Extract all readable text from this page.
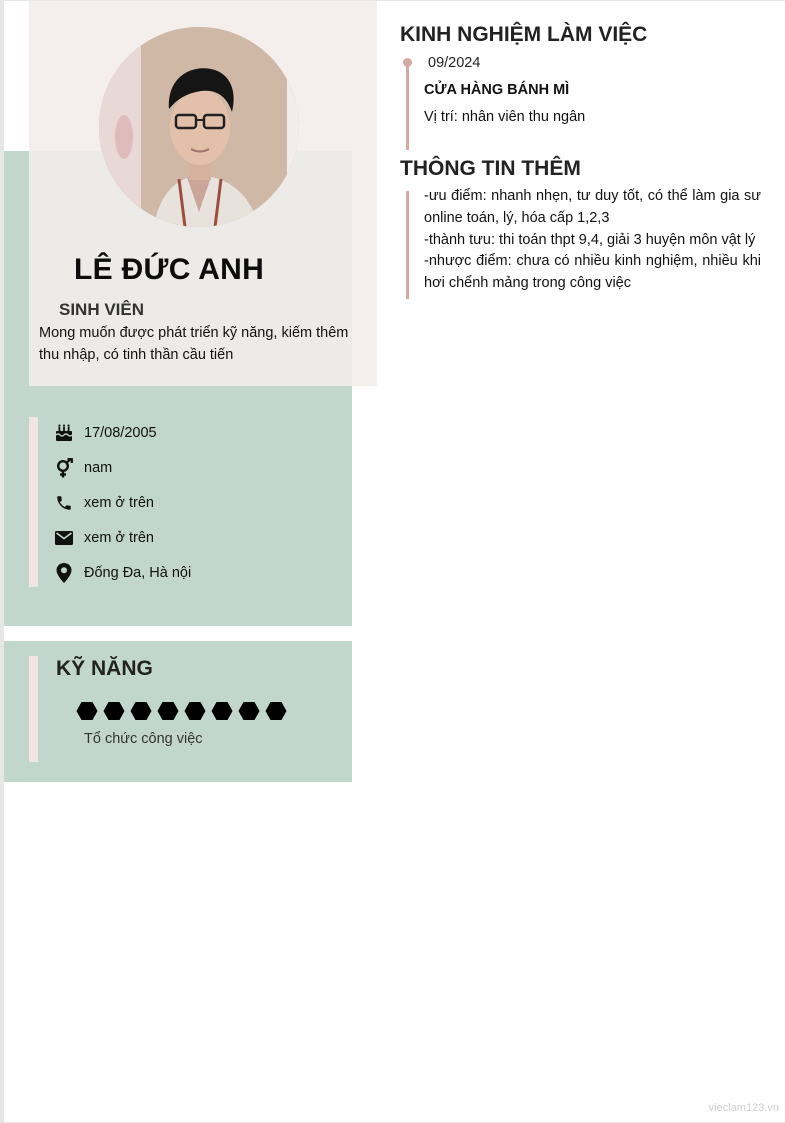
LÊ ĐỨC ANH
SINH VIÊN
Mong muốn được phát triển kỹ năng, kiếm thêm thu nhập, có tinh thần cầu tiến
17/08/2005
nam
xem ở trên
xem ở trên
Đống Đa, Hà nội
KỸ NĂNG
Tổ chức công việc
KINH NGHIỆM LÀM VIỆC
09/2024
CỬA HÀNG BÁNH MÌ
Vị trí: nhân viên thu ngân
THÔNG TIN THÊM
-ưu điểm: nhanh nhẹn, tư duy tốt, có thể làm gia sư online toán, lý, hóa cấp 1,2,3
-thành tưu: thi toán thpt 9,4, giải 3 huyện môn vật lý
-nhược điểm: chưa có nhiều kinh nghiệm, nhiều khi hơi chểnh mảng trong công việc
vieclam123.vn
